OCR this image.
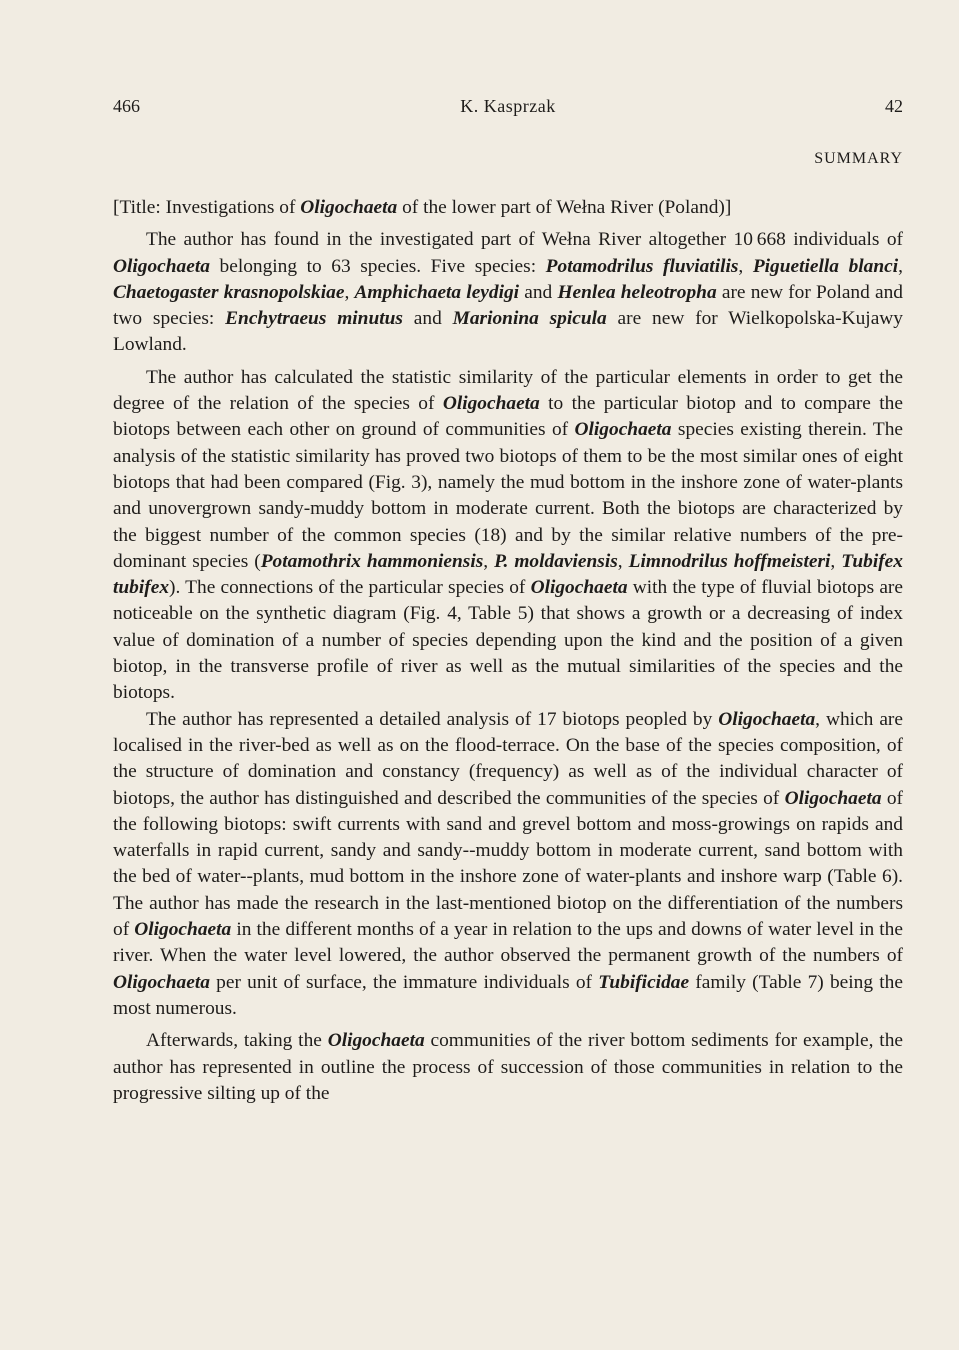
466	K. Kasprzak	42
SUMMARY

[Title: Investigations of Oligochaeta of the lower part of Wełna River (Poland)]

The author has found in the investigated part of Wełna River altogether 10 668 individuals of Oligochaeta belonging to 63 species. Five species: Potamodrilus fluviatilis, Piguetiella blanci, Chaetogaster krasnopolskiae, Amphichaeta leydigi and Henlea heleotropha are new for Poland and two species: Enchytraeus minutus and Marionina spicula are new for Wielkopolska-Kujawy Lowland.

The author has calculated the statistic similarity of the particular elements in order to get the degree of the relation of the species of Oligochaeta to the particular biotop and to compare the biotops between each other on ground of communities of Oligochaeta species existing therein. The analysis of the statistic similarity has proved two biotops of them to be the most similar ones of eight biotops that had been compared (Fig. 3), namely the mud bottom in the inshore zone of water-plants and unovergrown sandy-muddy bottom in moderate current. Both the biotops are characterized by the biggest number of the common species (18) and by the similar relative numbers of the predominant species (Potamothrix hammoniensis, P. moldaviensis, Limnodrilus hoffmeisteri, Tubifex tubifex). The connections of the particular species of Oligochaeta with the type of fluvial biotops are noticeable on the synthetic diagram (Fig. 4, Table 5) that shows a growth or a decreasing of index value of domination of a number of species depending upon the kind and the position of a given biotop, in the transverse profile of river as well as the mutual similarities of the species and the biotops.

The author has represented a detailed analysis of 17 biotops peopled by Oligochaeta, which are localised in the river-bed as well as on the flood-terrace. On the base of the species composition, of the structure of domination and constancy (frequency) as well as of the individual character of biotops, the author has distinguished and described the communities of the species of Oligochaeta of the following biotops: swift currents with sand and grevel bottom and moss-growings on rapids and waterfalls in rapid current, sandy and sandy--muddy bottom in moderate current, sand bottom with the bed of water--plants, mud bottom in the inshore zone of water-plants and inshore warp (Table 6). The author has made the research in the last-mentioned biotop on the differentiation of the numbers of Oligochaeta in the different months of a year in relation to the ups and downs of water level in the river. When the water level lowered, the author observed the permanent growth of the numbers of Oligochaeta per unit of surface, the immature individuals of Tubificidae family (Table 7) being the most numerous.

Afterwards, taking the Oligochaeta communities of the river bottom sediments for example, the author has represented in outline the process of succession of those communities in relation to the progressive silting up of the
